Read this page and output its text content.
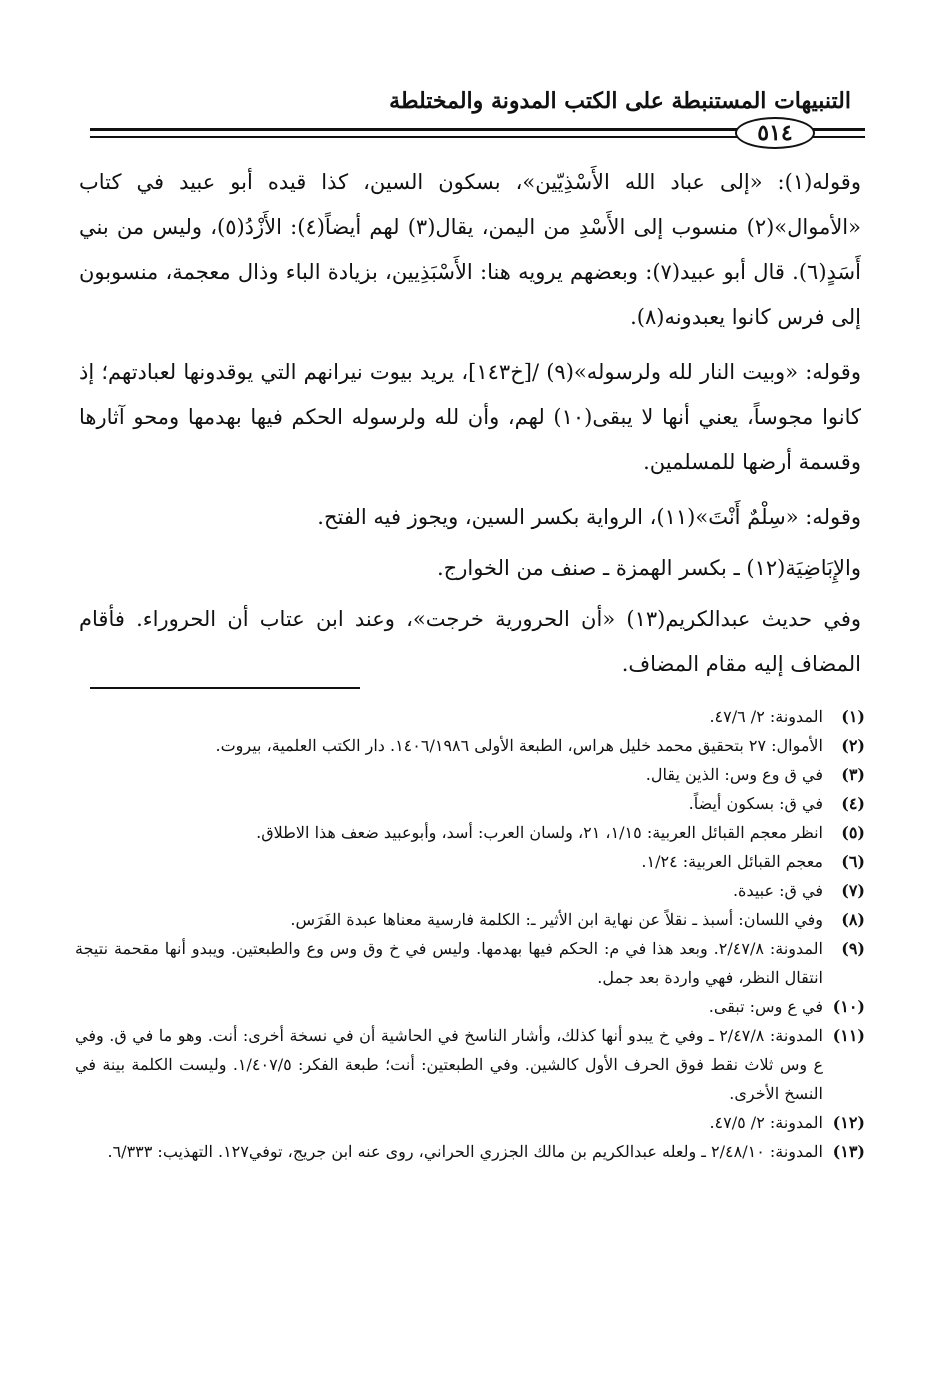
التنبيهات المستنبطة على الكتب المدونة والمختلطة
٥١٤

وقوله(١): «إلى عباد الله الأَسْذِيّين»، بسكون السين، كذا قيده أبو عبيد في كتاب «الأموال»(٢) منسوب إلى الأَسْدِ من اليمن، يقال(٣) لهم أيضاً(٤): الأَزْدُ(٥)، وليس من بني أَسَدٍ(٦). قال أبو عبيد(٧): وبعضهم يرويه هنا: الأَسْبَذِيين، بزيادة الباء وذال معجمة، منسوبون إلى فرس كانوا يعبدونه(٨).

وقوله: «وبيت النار لله ولرسوله»(٩) /[خ١٤٣]، يريد بيوت نيرانهم التي يوقدونها لعبادتهم؛ إذ كانوا مجوساً، يعني أنها لا يبقى(١٠) لهم، وأن لله ولرسوله الحكم فيها بهدمها ومحو آثارها وقسمة أرضها للمسلمين.

وقوله: «سِلْمٌ أَنْتَ»(١١)، الرواية بكسر السين، ويجوز فيه الفتح.

والإِبَاضِيَة(١٢) ـ بكسر الهمزة ـ صنف من الخوارج.

وفي حديث عبدالكريم(١٣) «أن الحرورية خرجت»، وعند ابن عتاب أن الحروراء. فأقام المضاف إليه مقام المضاف.

(١)
المدونة: ٢/ ٤٧/٦.
(٢)
الأموال: ٢٧ بتحقيق محمد خليل هراس، الطبعة الأولى ١٤٠٦/١٩٨٦. دار الكتب العلمية، بيروت.
(٣)
في ق وع وس: الذين يقال.
(٤)
في ق: بسكون أيضاً.
(٥)
انظر معجم القبائل العربية: ١/١٥، ٢١، ولسان العرب: أسد، وأبوعبيد ضعف هذا الاطلاق.
(٦)
معجم القبائل العربية: ١/٢٤.
(٧)
في ق: عبيدة.
(٨)
وفي اللسان: أسبذ ـ نقلاً عن نهاية ابن الأثير ـ: الكلمة فارسية معناها عبدة الفَرَس.
(٩)
المدونة: ٢/٤٧/٨. وبعد هذا في م: الحكم فيها بهدمها. وليس في خ وق وس وع والطبعتين. ويبدو أنها مقحمة نتيجة انتقال النظر، فهي واردة بعد جمل.
(١٠)
في ع وس: تبقى.
(١١)
المدونة: ٢/٤٧/٨ ـ وفي خ يبدو أنها كذلك، وأشار الناسخ في الحاشية أن في نسخة أخرى: أنت. وهو ما في ق. وفي ع وس ثلاث نقط فوق الحرف الأول كالشين. وفي الطبعتين: أنت؛ طبعة الفكر: ١/٤٠٧/٥. وليست الكلمة بينة في النسخ الأخرى.
(١٢)
المدونة: ٢/ ٤٧/٥.
(١٣)
المدونة: ٢/٤٨/١٠ ـ ولعله عبدالكريم بن مالك الجزري الحراني، روى عنه ابن جريج، توفي١٢٧. التهذيب: ٦/٣٣٣.
